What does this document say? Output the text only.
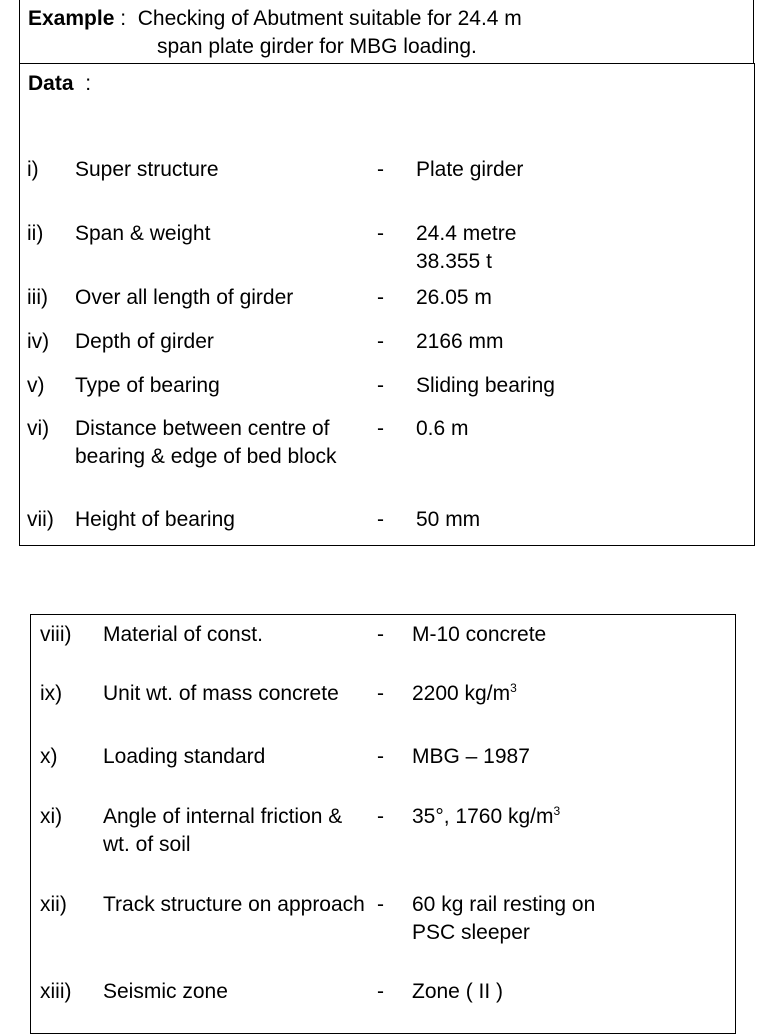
Example :  Checking of Abutment suitable for 24.4 m
span plate girder for MBG loading.
Data  :
i) Super structure	- Plate girder
ii) Span & weight	- 24.4 metre
38.355 t
iii) Over all length of girder	- 26.05 m
iv) Depth of girder	- 2166 mm
v) Type of bearing	- Sliding bearing
vi) Distance between centre of bearing & edge of bed block
- 0.6 m
vii) Height of bearing	- 50 mm
viii) Material of const.	- M-10 concrete
ix) Unit wt. of mass concrete	- 2200 $kg/m^3$
x) Loading standard	- MBG – 1987
xi) Angle of internal friction & wt. of soil
- 35°, 1760 $kg/m^3$
xii) Track structure on approach - 60 kg rail resting on PSC sleeper
xiii) Seismic zone	- Zone ( II )
